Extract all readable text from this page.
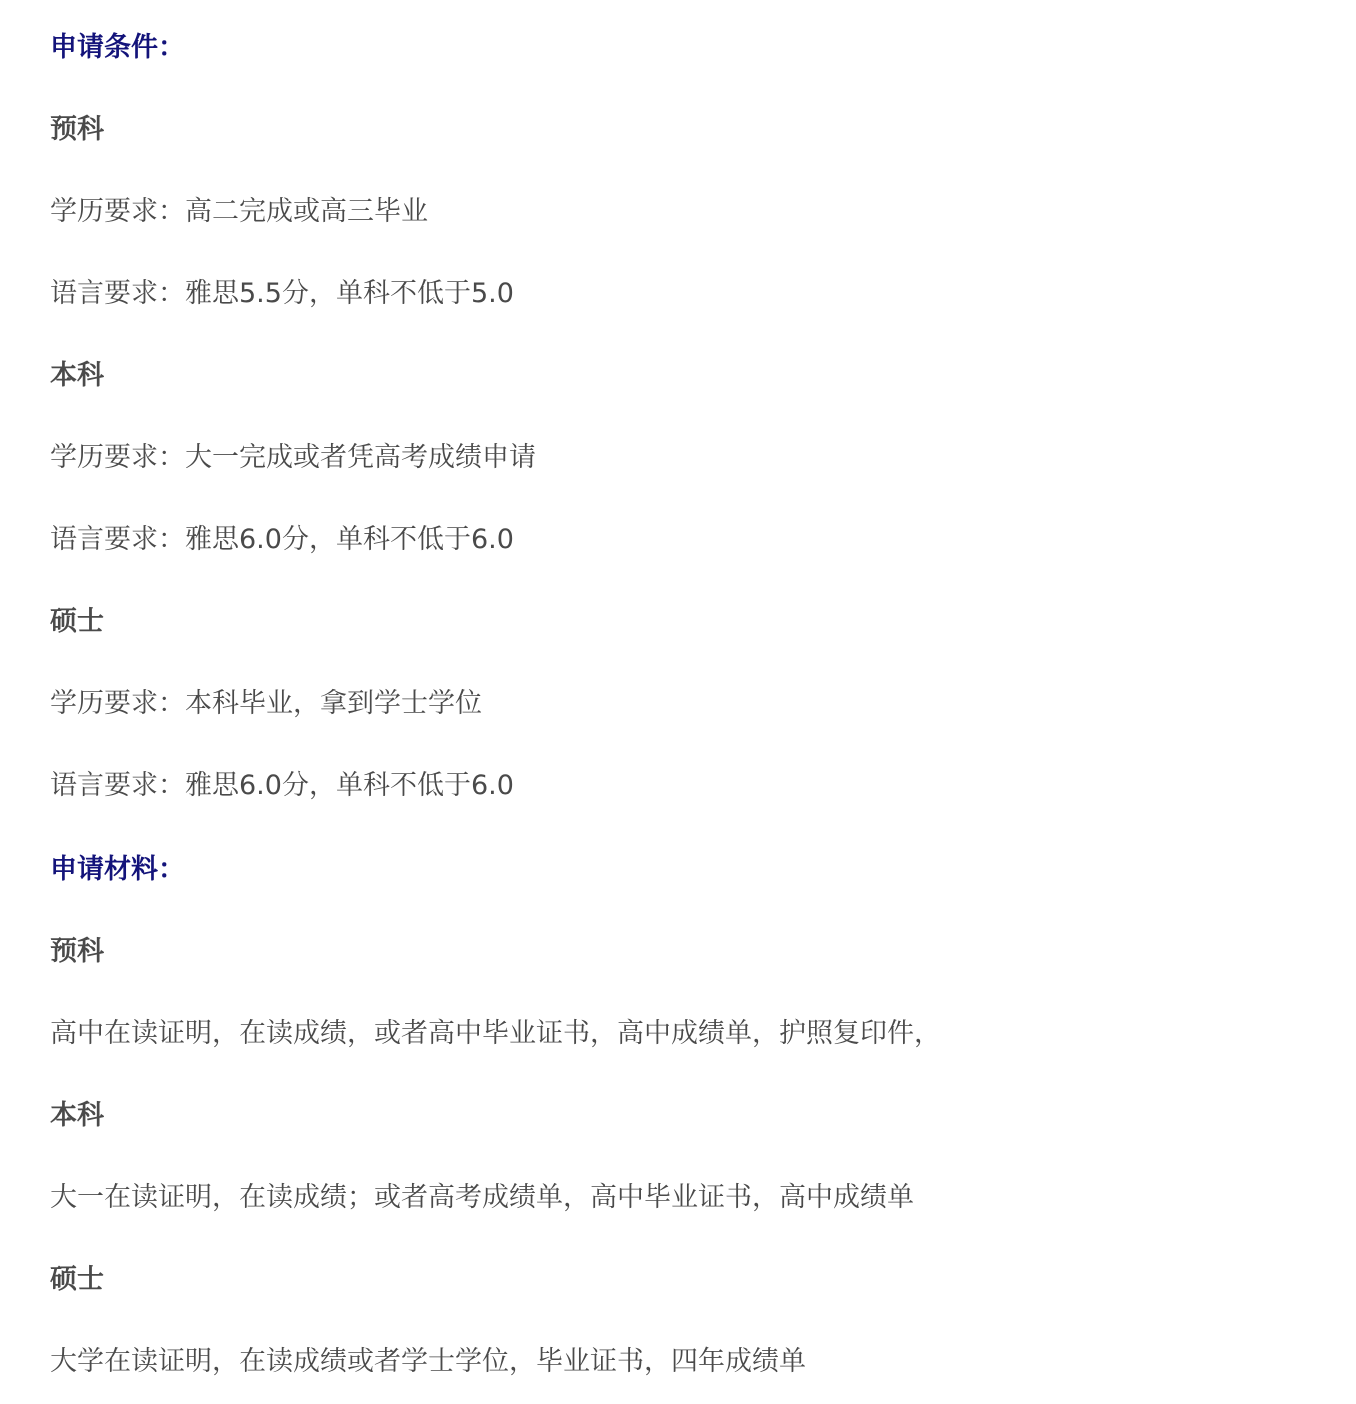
申请条件：
预科
学历要求：高二完成或高三毕业
语言要求：雅思5.5分，单科不低于5.0
本科
学历要求：大一完成或者凭高考成绩申请
语言要求：雅思6.0分，单科不低于6.0
硕士
学历要求：本科毕业，拿到学士学位
语言要求：雅思6.0分，单科不低于6.0
申请材料：
预科
高中在读证明，在读成绩，或者高中毕业证书，高中成绩单，护照复印件，
本科
大一在读证明，在读成绩；或者高考成绩单，高中毕业证书，高中成绩单
硕士
大学在读证明，在读成绩或者学士学位，毕业证书，四年成绩单
